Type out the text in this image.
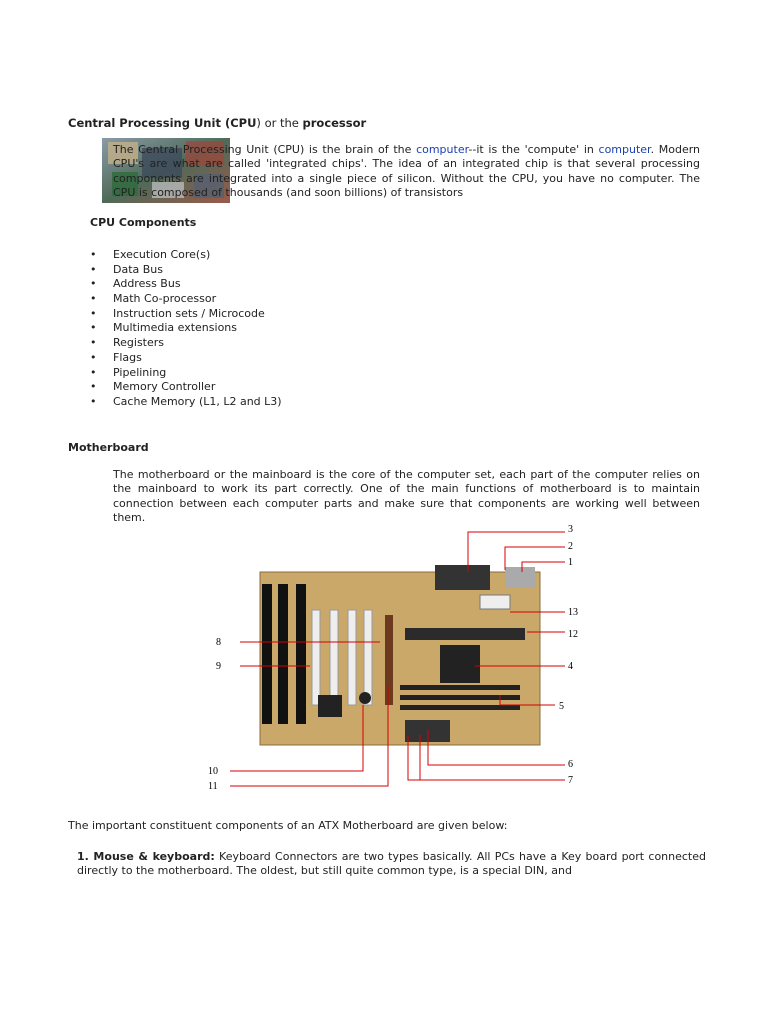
Central Processing Unit (CPU) or the processor
The Central Processing Unit (CPU) is the brain of the computer--it is the 'compute' in computer. Modern CPU's are what are called 'integrated chips'. The idea of an integrated chip is that several processing components are integrated into a single piece of silicon. Without the CPU, you have no computer. The CPU is composed of thousands (and soon billions) of transistors
CPU Components
• Execution Core(s)
• Data Bus
• Address Bus
• Math Co-processor
• Instruction sets / Microcode
• Multimedia extensions
• Registers
• Flags
• Pipelining
• Memory Controller
• Cache Memory (L1, L2 and L3)
Motherboard
The motherboard or the mainboard is the core of the computer set, each part of the computer relies on the mainboard to work its part correctly. One of the main functions of motherboard is to maintain connection between each computer parts and make sure that components are working well between them.
3
2
1
4
5
6
7
8
9
10
11
12
13
The important constituent components of an ATX Motherboard are given below:
1. Mouse & keyboard: Keyboard Connectors are two types basically. All PCs have a Key board port connected directly to the motherboard. The oldest, but still quite common type, is a special DIN, and
